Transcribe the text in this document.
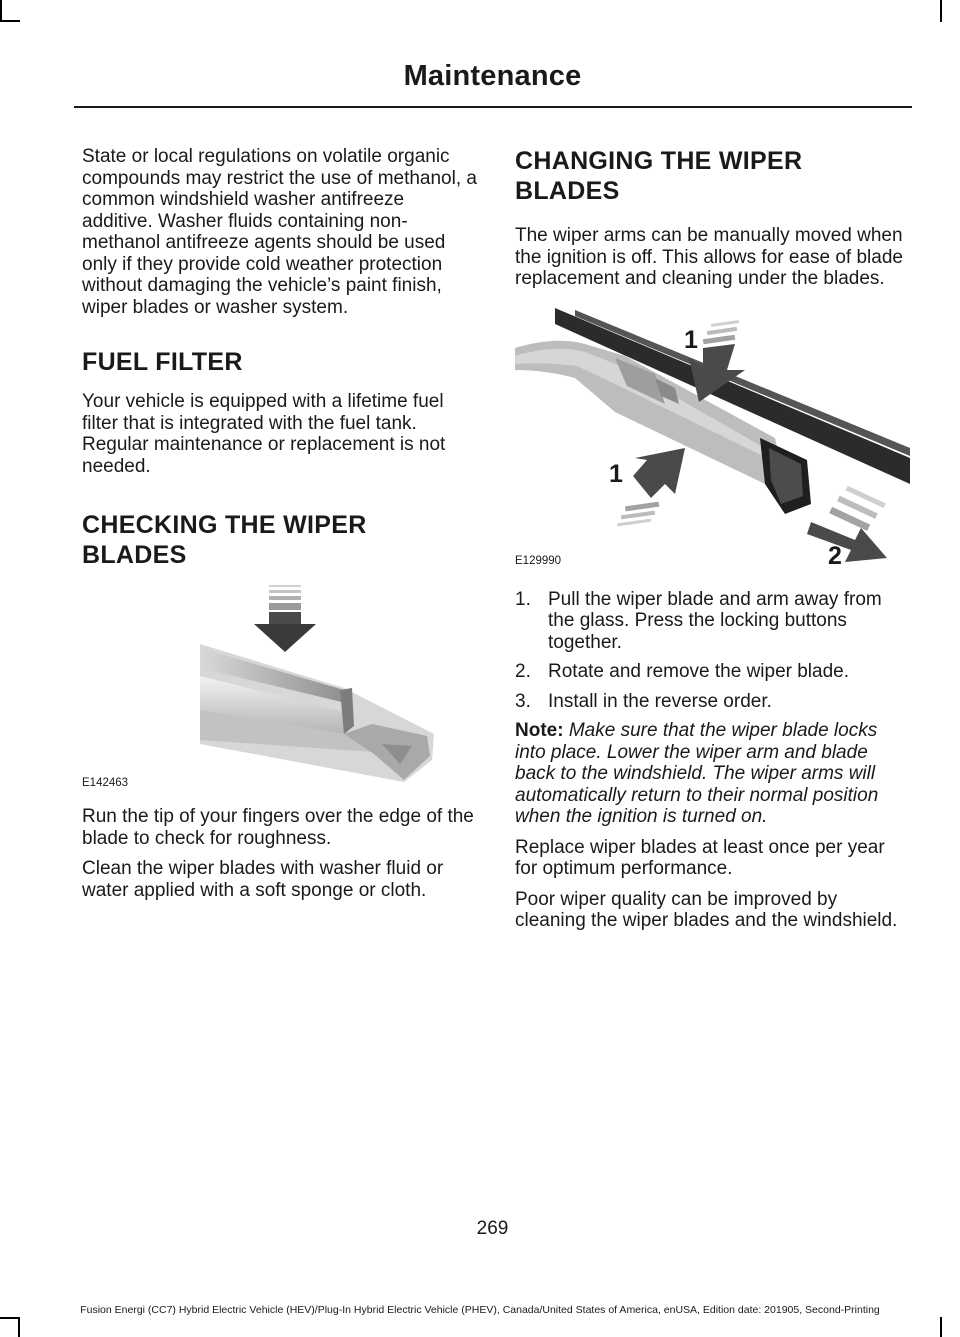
Maintenance

State or local regulations on volatile organic compounds may restrict the use of methanol, a common windshield washer antifreeze additive. Washer fluids containing non-methanol antifreeze agents should be used only if they provide cold weather protection without damaging the vehicle’s paint finish, wiper blades or washer system.

FUEL FILTER

Your vehicle is equipped with a lifetime fuel filter that is integrated with the fuel tank. Regular maintenance or replacement is not needed.

CHECKING THE WIPER
BLADES
E142463

Run the tip of your fingers over the edge of the blade to check for roughness.

Clean the wiper blades with washer fluid or water applied with a soft sponge or cloth.

CHANGING THE WIPER
BLADES

The wiper arms can be manually moved when the ignition is off. This allows for ease of blade replacement and cleaning under the blades.

1
1
2
E129990
1. Pull the wiper blade and arm away from the glass. Press the locking buttons together.
2. Rotate and remove the wiper blade.
3. Install in the reverse order.

Note: Make sure that the wiper blade locks into place. Lower the wiper arm and blade back to the windshield. The wiper arms will automatically return to their normal position when the ignition is turned on.

Replace wiper blades at least once per year for optimum performance.

Poor wiper quality can be improved by cleaning the wiper blades and the windshield.

269
Fusion Energi (CC7) Hybrid Electric Vehicle (HEV)/Plug-In Hybrid Electric Vehicle (PHEV), Canada/United States of America, enUSA, Edition date: 201905, Second-Printing
